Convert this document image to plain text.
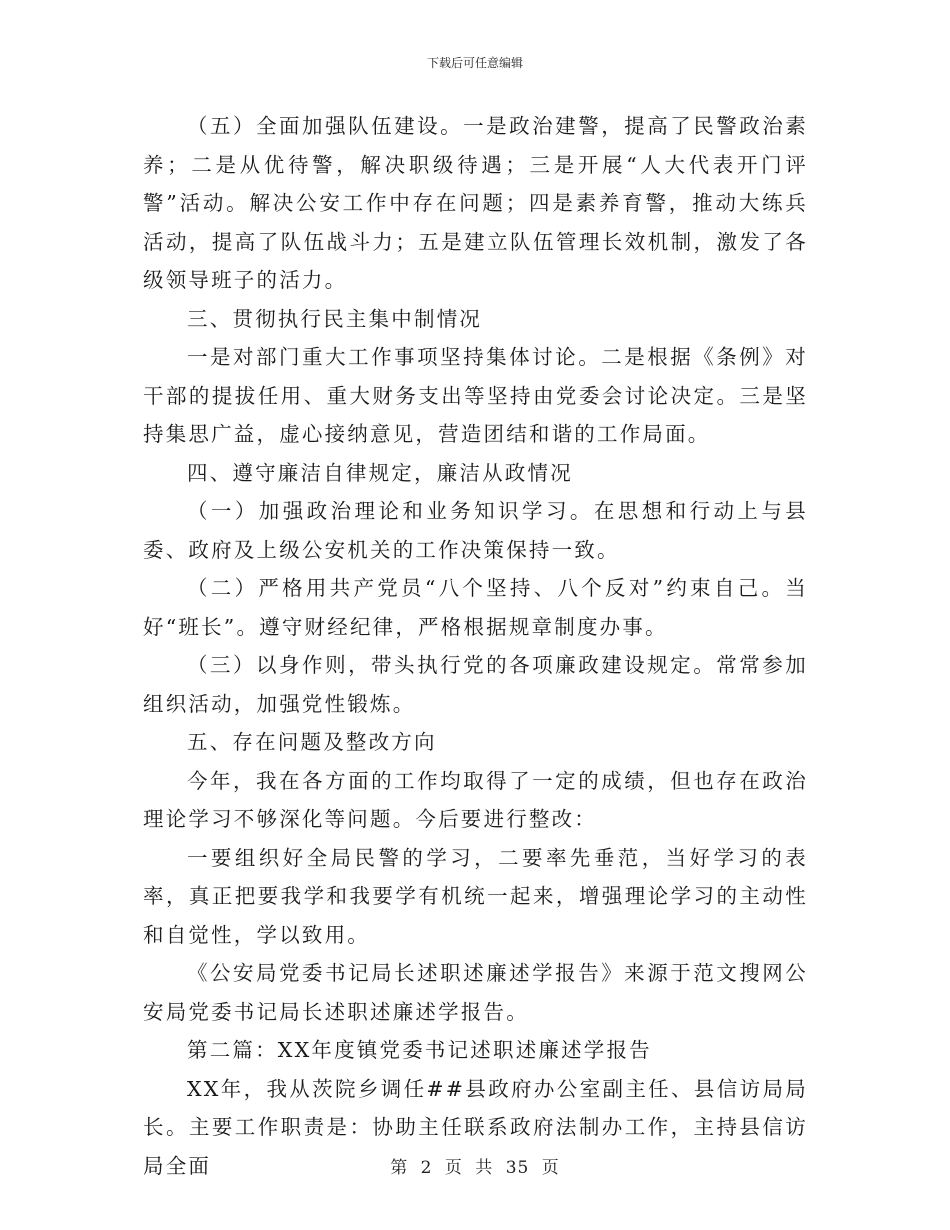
下载后可任意编辑

（五）全面加强队伍建设。一是政治建警，提高了民警政治素养；二是从优待警，解决职级待遇；三是开展“人大代表开门评警”活动。解决公安工作中存在问题；四是素养育警，推动大练兵活动，提高了队伍战斗力；五是建立队伍管理长效机制，激发了各级领导班子的活力。

三、贯彻执行民主集中制情况

一是对部门重大工作事项坚持集体讨论。二是根据《条例》对干部的提拔任用、重大财务支出等坚持由党委会讨论决定。三是坚持集思广益，虚心接纳意见，营造团结和谐的工作局面。

四、遵守廉洁自律规定，廉洁从政情况

（一）加强政治理论和业务知识学习。在思想和行动上与县委、政府及上级公安机关的工作决策保持一致。

（二）严格用共产党员“八个坚持、八个反对”约束自己。当好“班长”。遵守财经纪律，严格根据规章制度办事。

（三）以身作则，带头执行党的各项廉政建设规定。常常参加组织活动，加强党性锻炼。

五、存在问题及整改方向

今年，我在各方面的工作均取得了一定的成绩，但也存在政治理论学习不够深化等问题。今后要进行整改：

一要组织好全局民警的学习，二要率先垂范，当好学习的表率，真正把要我学和我要学有机统一起来，增强理论学习的主动性和自觉性，学以致用。

《公安局党委书记局长述职述廉述学报告》来源于范文搜网公安局党委书记局长述职述廉述学报告。

第二篇：XX年度镇党委书记述职述廉述学报告

XX年，我从茨院乡调任##县政府办公室副主任、县信访局局长。主要工作职责是：协助主任联系政府法制办工作，主持县信访局全面	第 2 页 共 35 页
